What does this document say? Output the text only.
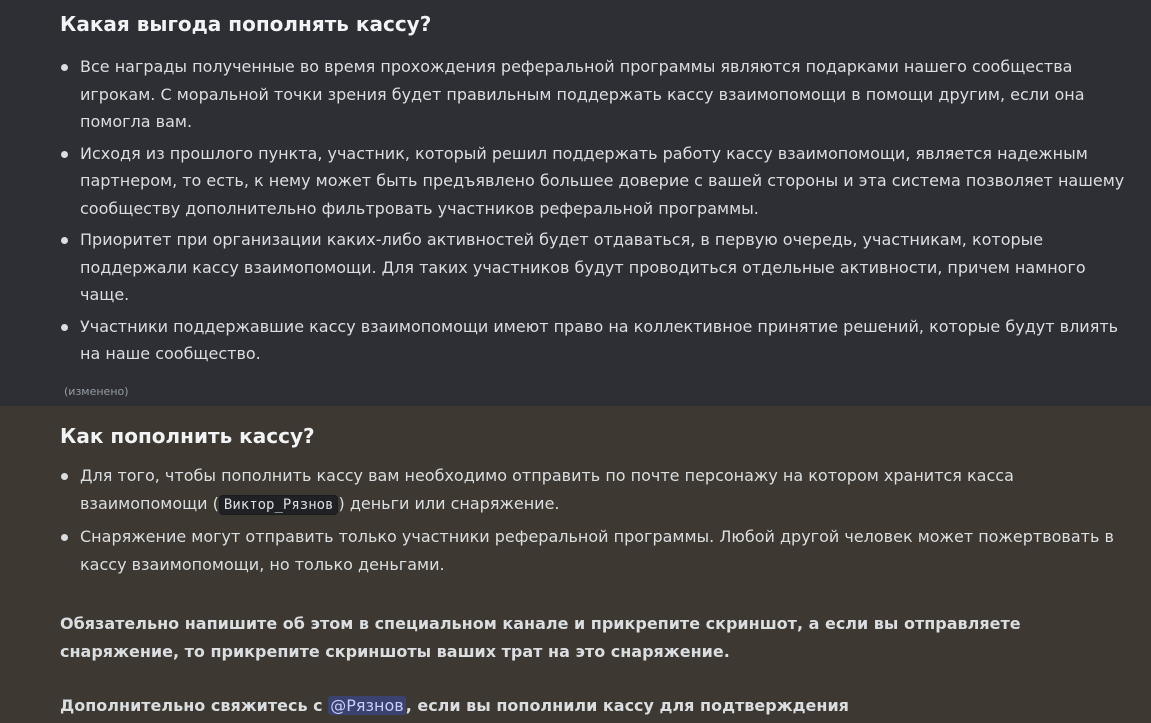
Какая выгода пополнять кассу?
Все награды полученные во время прохождения реферальной программы являются подарками нашего сообщества игрокам. С моральной точки зрения будет правильным поддержать кассу взаимопомощи в помощи другим, если она помогла вам.
Исходя из прошлого пункта, участник, который решил поддержать работу кассу взаимопомощи, является надежным партнером, то есть, к нему может быть предъявлено большее доверие с вашей стороны и эта система позволяет нашему сообществу дополнительно фильтровать участников реферальной программы.
Приоритет при организации каких-либо активностей будет отдаваться, в первую очередь, участникам, которые поддержали кассу взаимопомощи. Для таких участников будут проводиться отдельные активности, причем намного чаще.
Участники поддержавшие кассу взаимопомощи имеют право на коллективное принятие решений, которые будут влиять на наше сообщество.
(изменено)
Как пополнить кассу?
Для того, чтобы пополнить кассу вам необходимо отправить по почте персонажу на котором хранится касса взаимопомощи ( Виктор_Рязнов ) деньги или снаряжение.
Снаряжение могут отправить только участники реферальной программы. Любой другой человек может пожертвовать в кассу взаимопомощи, но только деньгами.

Обязательно напишите об этом в специальном канале и прикрепите скриншот, а если вы отправляете снаряжение, то прикрепите скриншоты ваших трат на это снаряжение.

Дополнительно свяжитесь с @Рязнов , если вы пополнили кассу для подтверждения
